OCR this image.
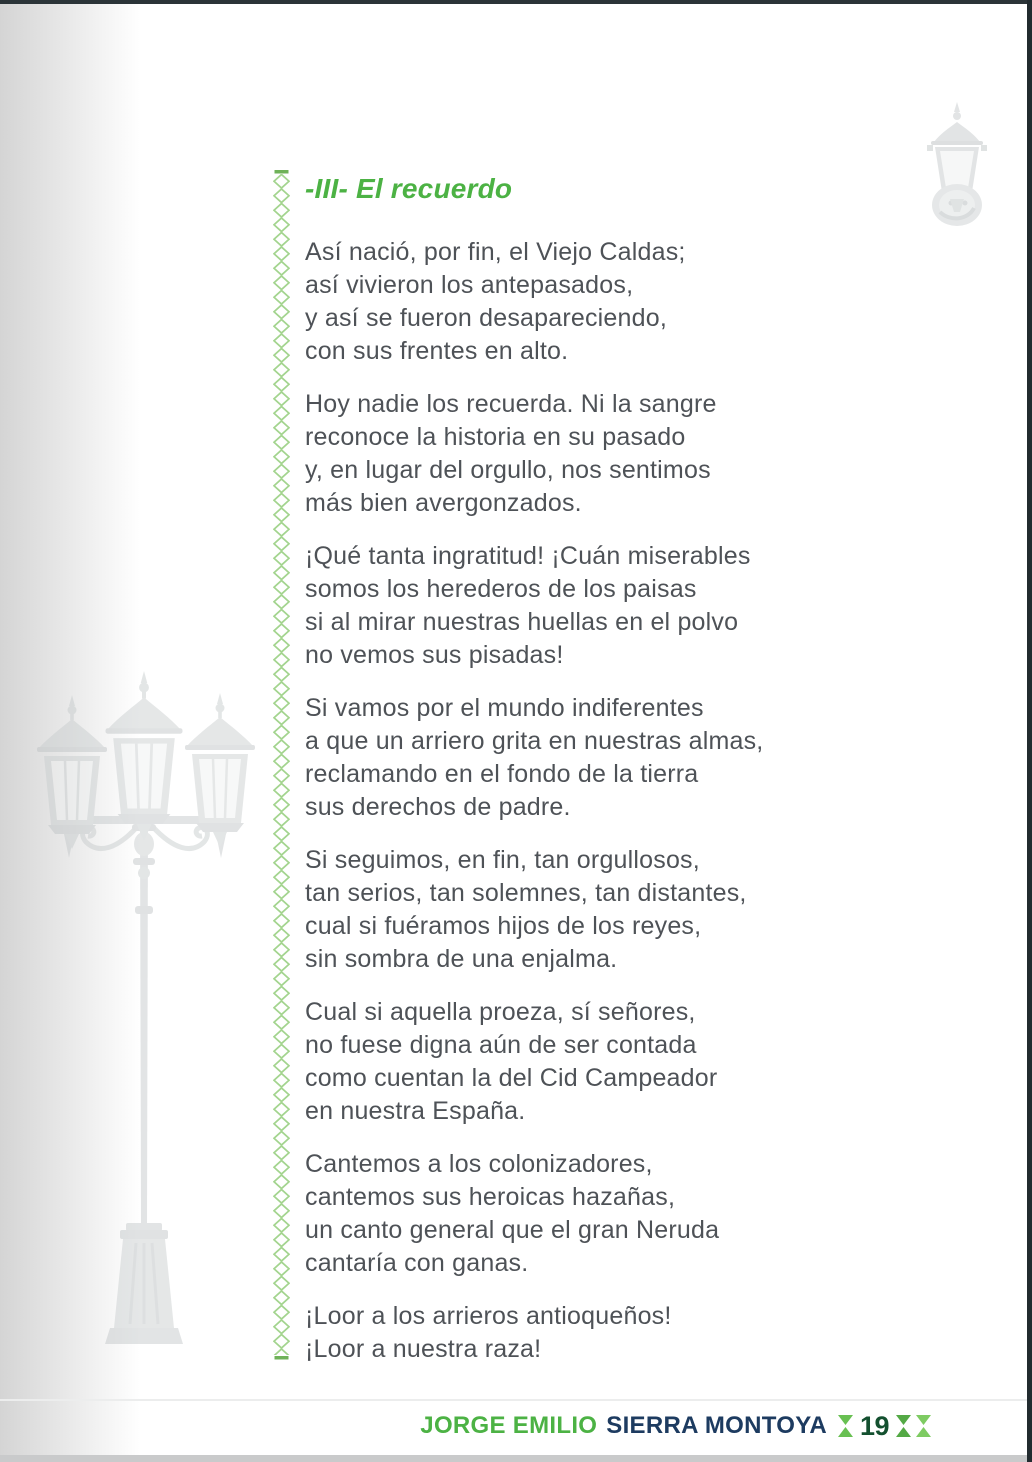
-III- El recuerdo

Así nació, por fin, el Viejo Caldas;
así vivieron los antepasados,
y así se fueron desapareciendo,
con sus frentes en alto.

Hoy nadie los recuerda. Ni la sangre
reconoce la historia en su pasado
y, en lugar del orgullo, nos sentimos
más bien avergonzados.

¡Qué tanta ingratitud! ¡Cuán miserables
somos los herederos de los paisas
si al mirar nuestras huellas en el polvo
no vemos sus pisadas!

Si vamos por el mundo indiferentes
a que un arriero grita en nuestras almas,
reclamando en el fondo de la tierra
sus derechos de padre.

Si seguimos, en fin, tan orgullosos,
tan serios, tan solemnes, tan distantes,
cual si fuéramos hijos de los reyes,
sin sombra de una enjalma.

Cual si aquella proeza, sí señores,
no fuese digna aún de ser contada
como cuentan la del Cid Campeador
en nuestra España.

Cantemos a los colonizadores,
cantemos sus heroicas hazañas,
un canto general que el gran Neruda
cantaría con ganas.

¡Loor a los arrieros antioqueños!
¡Loor a nuestra raza!

JORGE EMILIO SIERRA MONTOYA 19
